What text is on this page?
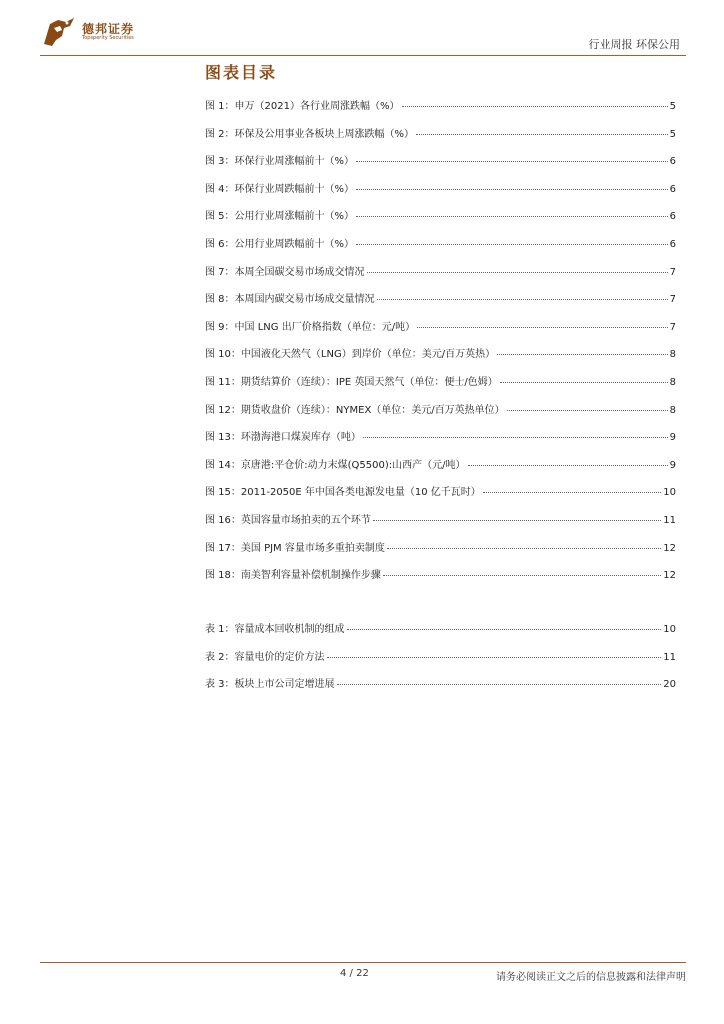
德邦证券
Topsperity Securities	行业周报 环保公用
图表目录
图 1：申万（2021）各行业周涨跌幅（%）	5
图 2：环保及公用事业各板块上周涨跌幅（%）	5
图 3：环保行业周涨幅前十（%）	6
图 4：环保行业周跌幅前十（%）	6
图 5：公用行业周涨幅前十（%）	6
图 6：公用行业周跌幅前十（%）	6
图 7：本周全国碳交易市场成交情况	7
图 8：本周国内碳交易市场成交量情况	7
图 9：中国 LNG 出厂价格指数（单位：元/吨）	7
图 10：中国液化天然气（LNG）到岸价（单位：美元/百万英热）	8
图 11：期货结算价（连续）：IPE 英国天然气（单位：便士/色姆）	8
图 12：期货收盘价（连续）：NYMEX（单位：美元/百万英热单位）	8
图 13：环渤海港口煤炭库存（吨）	9
图 14：京唐港:平仓价:动力末煤(Q5500):山西产（元/吨）	9
图 15：2011-2050E 年中国各类电源发电量（10 亿千瓦时）	10
图 16：英国容量市场拍卖的五个环节	11
图 17：美国 PJM 容量市场多重拍卖制度	12
图 18：南美智利容量补偿机制操作步骤	12
表 1：容量成本回收机制的组成	10
表 2：容量电价的定价方法	11
表 3：板块上市公司定增进展	20
4 / 22	请务必阅读正文之后的信息披露和法律声明
